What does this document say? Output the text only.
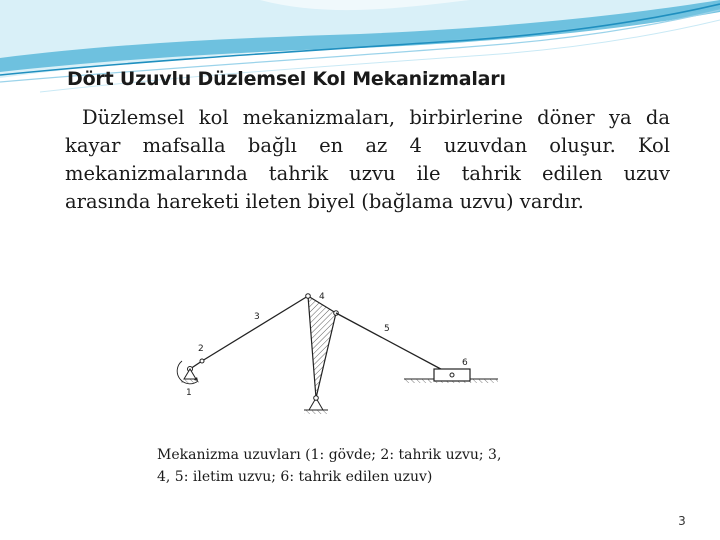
Dört Uzuvlu Düzlemsel Kol Mekanizmaları
Düzlemsel kol mekanizmaları, birbirlerine döner ya da kayar mafsalla bağlı en az 4 uzuvdan oluşur. Kol mekanizmalarında tahrik uzvu ile tahrik edilen uzuv arasında hareketi ileten biyel (bağlama uzvu) vardır.
1
2
3
4
5
6
Mekanizma uzuvları (1: gövde; 2: tahrik uzvu; 3,
4, 5: iletim uzvu; 6: tahrik edilen uzuv)
3
